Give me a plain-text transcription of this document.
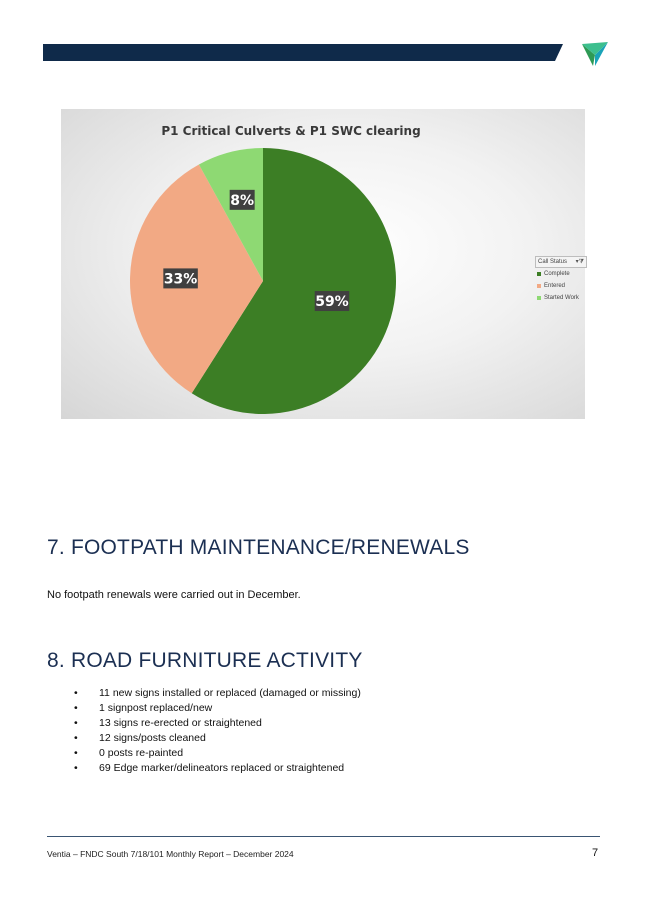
P1 Critical Culverts & P1 SWC clearing
59%
33%
8%
Call Status ▾⧩
Complete
Entered
Started Work
7. FOOTPATH MAINTENANCE/RENEWALS
No footpath renewals were carried out in December.
8. ROAD FURNITURE ACTIVITY
• 11 new signs installed or replaced (damaged or missing)
• 1 signpost replaced/new
• 13 signs re-erected or straightened
• 12 signs/posts cleaned
• 0 posts re-painted
• 69 Edge marker/delineators replaced or straightened
Ventia – FNDC South 7/18/101 Monthly Report – December 2024	7
